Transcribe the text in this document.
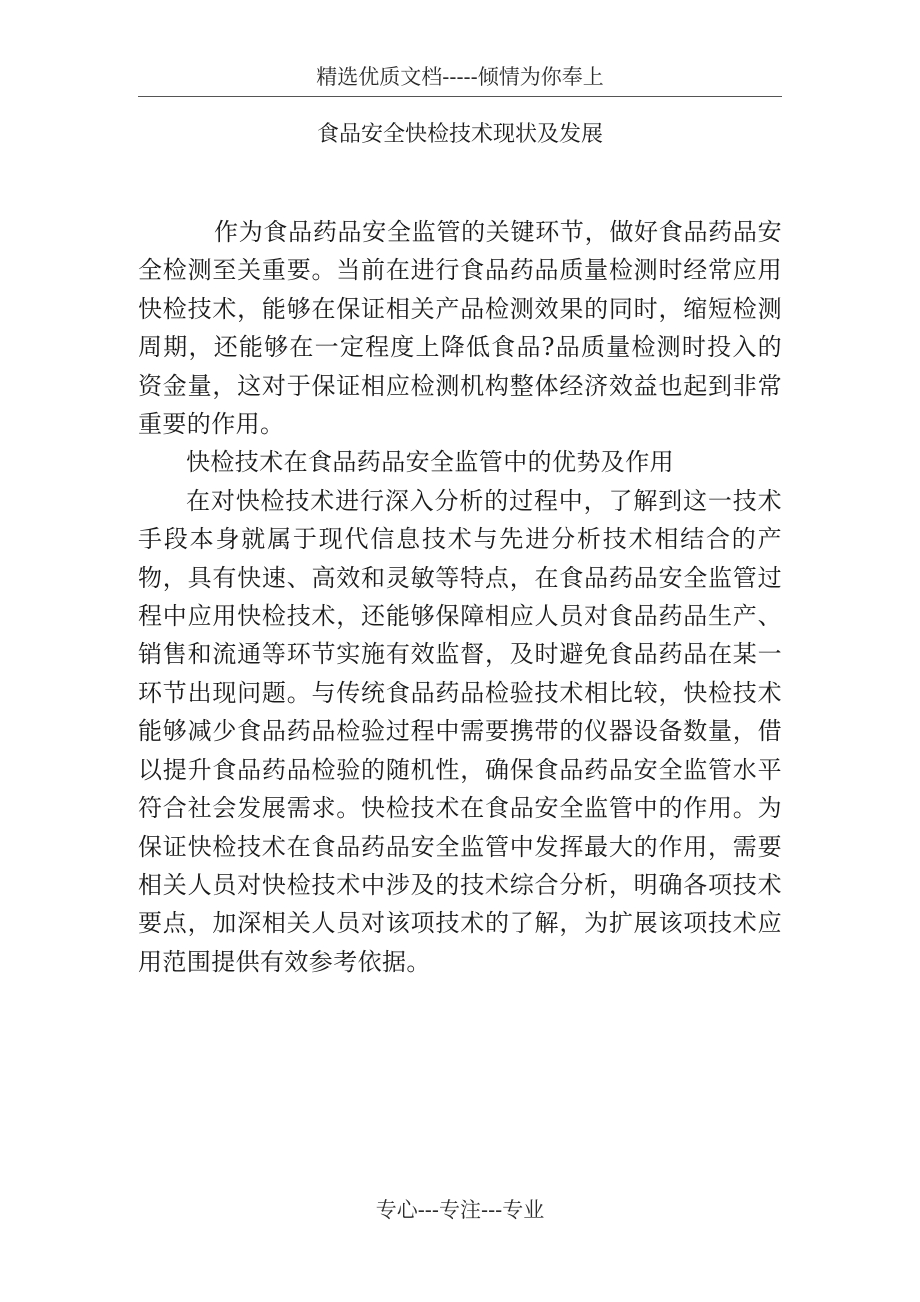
精选优质文档-----倾情为你奉上
食品安全快检技术现状及发展

作为食品药品安全监管的关键环节，做好食品药品安全检测至关重要。当前在进行食品药品质量检测时经常应用快检技术，能够在保证相关产品检测效果的同时，缩短检测周期，还能够在一定程度上降低食品?品质量检测时投入的资金量，这对于保证相应检测机构整体经济效益也起到非常重要的作用。

快检技术在食品药品安全监管中的优势及作用

在对快检技术进行深入分析的过程中，了解到这一技术手段本身就属于现代信息技术与先进分析技术相结合的产物，具有快速、高效和灵敏等特点，在食品药品安全监管过程中应用快检技术，还能够保障相应人员对食品药品生产、销售和流通等环节实施有效监督，及时避免食品药品在某一环节出现问题。与传统食品药品检验技术相比较，快检技术能够减少食品药品检验过程中需要携带的仪器设备数量，借以提升食品药品检验的随机性，确保食品药品安全监管水平符合社会发展需求。快检技术在食品安全监管中的作用。为保证快检技术在食品药品安全监管中发挥最大的作用，需要相关人员对快检技术中涉及的技术综合分析，明确各项技术要点，加深相关人员对该项技术的了解，为扩展该项技术应用范围提供有效参考依据。

专心---专注---专业
